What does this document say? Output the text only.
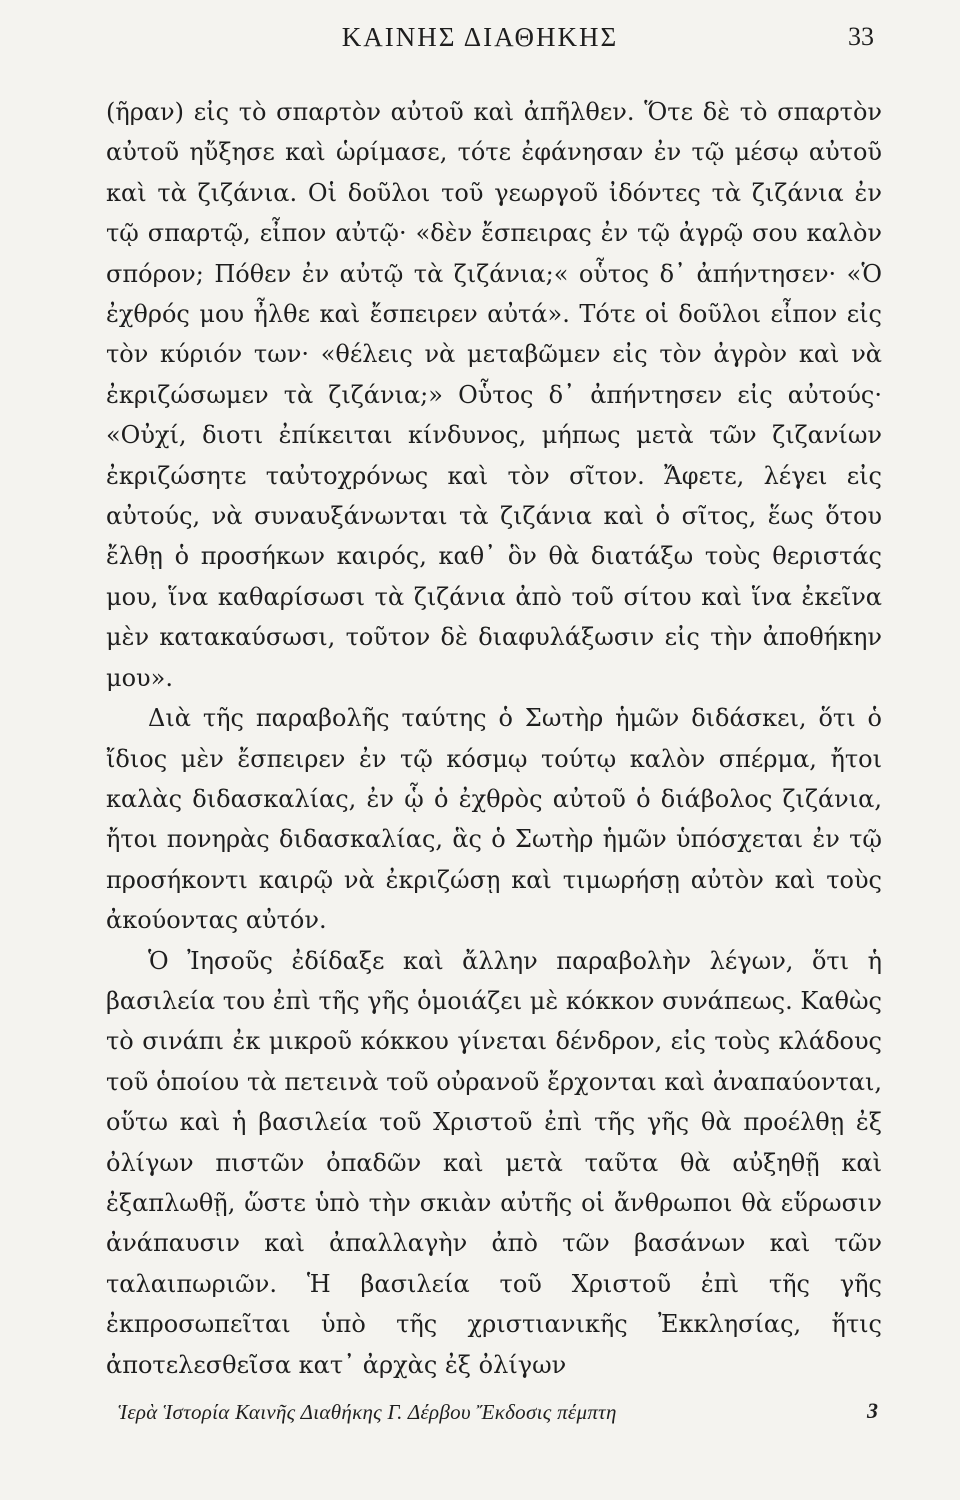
ΚΑΙΝΗΣ ΔΙΑΘΗΚΗΣ	33

(ῆραν) εἰς τὸ σπαρτὸν αὐτοῦ καὶ ἀπῆλθεν. Ὅτε δὲ τὸ σπαρτὸν αὐτοῦ ηὔξησε καὶ ὡρίμασε, τότε ἐφάνησαν ἐν τῷ μέσῳ αὐτοῦ καὶ τὰ ζιζάνια. Οἱ δοῦλοι τοῦ γεωργοῦ ἰδόντες τὰ ζιζάνια ἐν τῷ σπαρτῷ, εἶπον αὐτῷ· «δὲν ἔσπειρας ἐν τῷ ἀγρῷ σου καλὸν σπόρον; Πόθεν ἐν αὐτῷ τὰ ζιζάνια;« οὗτος δ᾿ ἀπήντησεν· «Ὁ ἐχθρός μου ἦλθε καὶ ἔσπειρεν αὐτά». Τότε οἱ δοῦλοι εἶπον εἰς τὸν κύριόν των· «θέλεις νὰ μεταβῶμεν εἰς τὸν ἀγρὸν καὶ νὰ ἐκριζώσωμεν τὰ ζιζάνια;» Οὗτος δ᾿ ἀπήντησεν εἰς αὐτούς· «Οὐχί, διοτι ἐπίκειται κίνδυνος, μήπως μετὰ τῶν ζιζανίων ἐκριζώσητε ταὐτοχρόνως καὶ τὸν σῖτον. Ἄφετε, λέγει εἰς αὐτούς, νὰ συναυξάνωνται τὰ ζιζάνια καὶ ὁ σῖτος, ἕως ὅτου ἔλθῃ ὁ προσήκων καιρός, καθ᾿ ὃν θὰ διατάξω τοὺς θεριστάς μου, ἵνα καθαρίσωσι τὰ ζιζάνια ἀπὸ τοῦ σίτου καὶ ἵνα ἐκεῖνα μὲν κατακαύσωσι, τοῦτον δὲ διαφυλάξωσιν εἰς τὴν ἀποθήκην μου».

Διὰ τῆς παραβολῆς ταύτης ὁ Σωτὴρ ἡμῶν διδάσκει, ὅτι ὁ ἴδιος μὲν ἔσπειρεν ἐν τῷ κόσμῳ τούτῳ καλὸν σπέρμα, ἤτοι καλὰς διδασκαλίας, ἐν ᾧ ὁ ἐχθρὸς αὐτοῦ ὁ διάβολος ζιζάνια, ἤτοι πονηρὰς διδασκαλίας, ἃς ὁ Σωτὴρ ἡμῶν ὑπόσχεται ἐν τῷ προσήκοντι καιρῷ νὰ ἐκριζώσῃ καὶ τιμωρήσῃ αὐτὸν καὶ τοὺς ἀκούοντας αὐτόν.

Ὁ Ἰησοῦς ἐδίδαξε καὶ ἄλλην παραβολὴν λέγων, ὅτι ἡ βασιλεία του ἐπὶ τῆς γῆς ὁμοιάζει μὲ κόκκον συνάπεως. Καθὼς τὸ σινάπι ἐκ μικροῦ κόκκου γίνεται δένδρον, εἰς τοὺς κλάδους τοῦ ὁποίου τὰ πετεινὰ τοῦ οὐρανοῦ ἔρχονται καὶ ἀναπαύονται, οὕτω καὶ ἡ βασιλεία τοῦ Χριστοῦ ἐπὶ τῆς γῆς θὰ προέλθῃ ἐξ ὀλίγων πιστῶν ὀπαδῶν καὶ μετὰ ταῦτα θὰ αὐξηθῇ καὶ ἐξαπλωθῇ, ὥστε ὑπὸ τὴν σκιὰν αὐτῆς οἱ ἄνθρωποι θὰ εὕρωσιν ἀνάπαυσιν καὶ ἀπαλλαγὴν ἀπὸ τῶν βασάνων καὶ τῶν ταλαιπωριῶν. Ἡ βασιλεία τοῦ Χριστοῦ ἐπὶ τῆς γῆς ἐκπροσωπεῖται ὑπὸ τῆς χριστιανικῆς Ἐκκλησίας, ἥτις ἀποτελεσθεῖσα κατ᾿ ἀρχὰς ἐξ ὀλίγων

Ἱερὰ Ἱστορία Καινῆς Διαθήκης Γ. Δέρβου Ἔκδοσις πέμπτη	3
